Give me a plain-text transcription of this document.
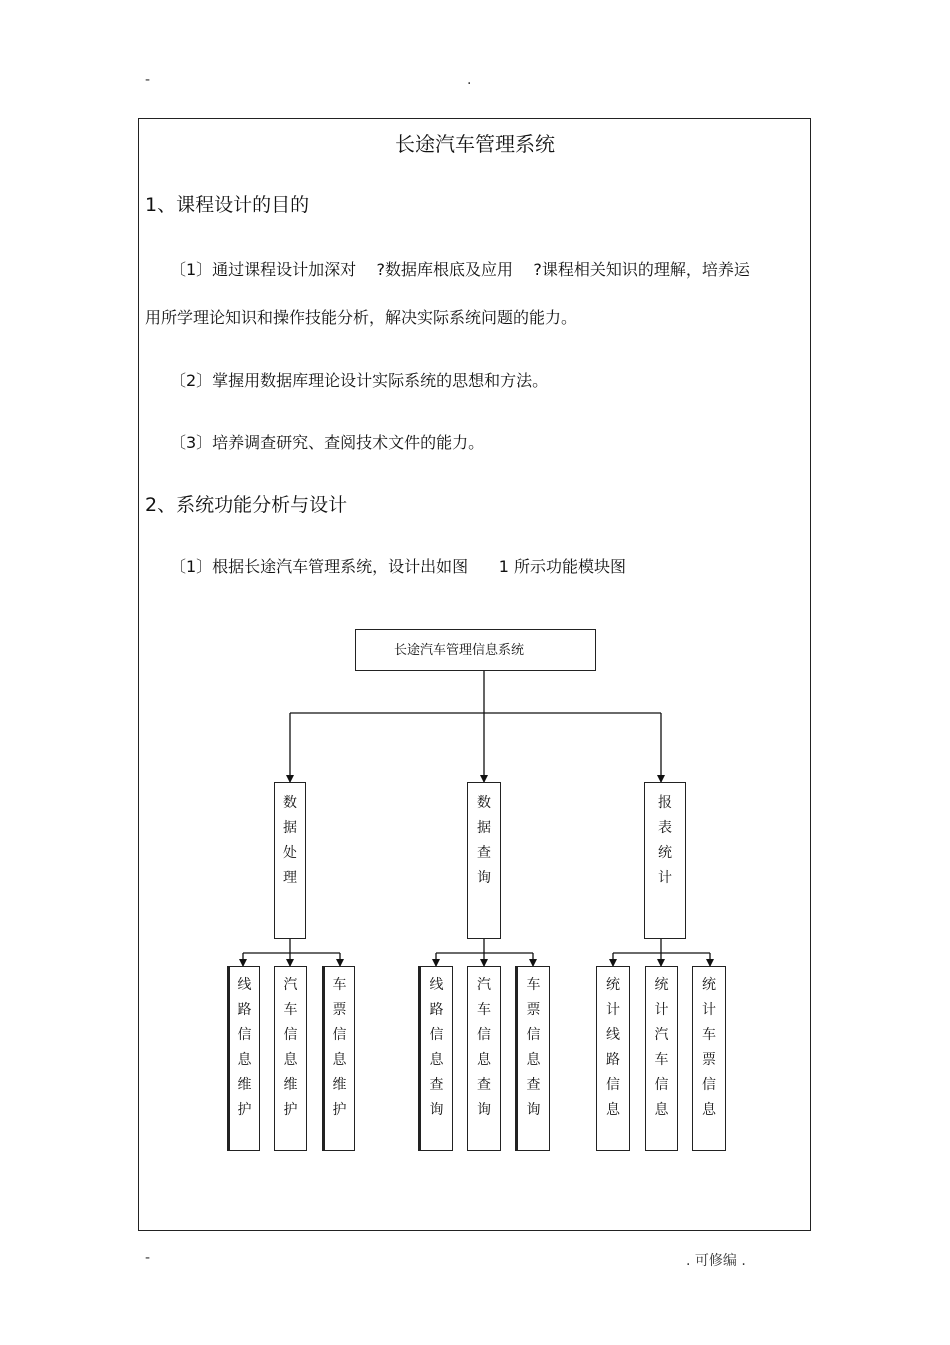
-	.
长途汽车管理系统
1、课程设计的目的
〔1〕通过课程设计加深对    ?数据库根底及应用    ?课程相关知识的理解，培养运
用所学理论知识和操作技能分析，解决实际系统问题的能力。
〔2〕掌握用数据库理论设计实际系统的思想和方法。
〔3〕培养调查研究、查阅技术文件的能力。
2、系统功能分析与设计
〔1〕根据长途汽车管理系统，设计出如图      1 所示功能模块图
长途汽车管理信息系统
数
据
处
理
数
据
查
询
报
表
统
计
线
路
信
息
维
护
汽
车
信
息
维
护
车
票
信
息
维
护
线
路
信
息
查
询
汽
车
信
息
查
询
车
票
信
息
查
询
统
计
线
路
信
息
统
计
汽
车
信
息
统
计
车
票
信
息
-	. 可修编 .
